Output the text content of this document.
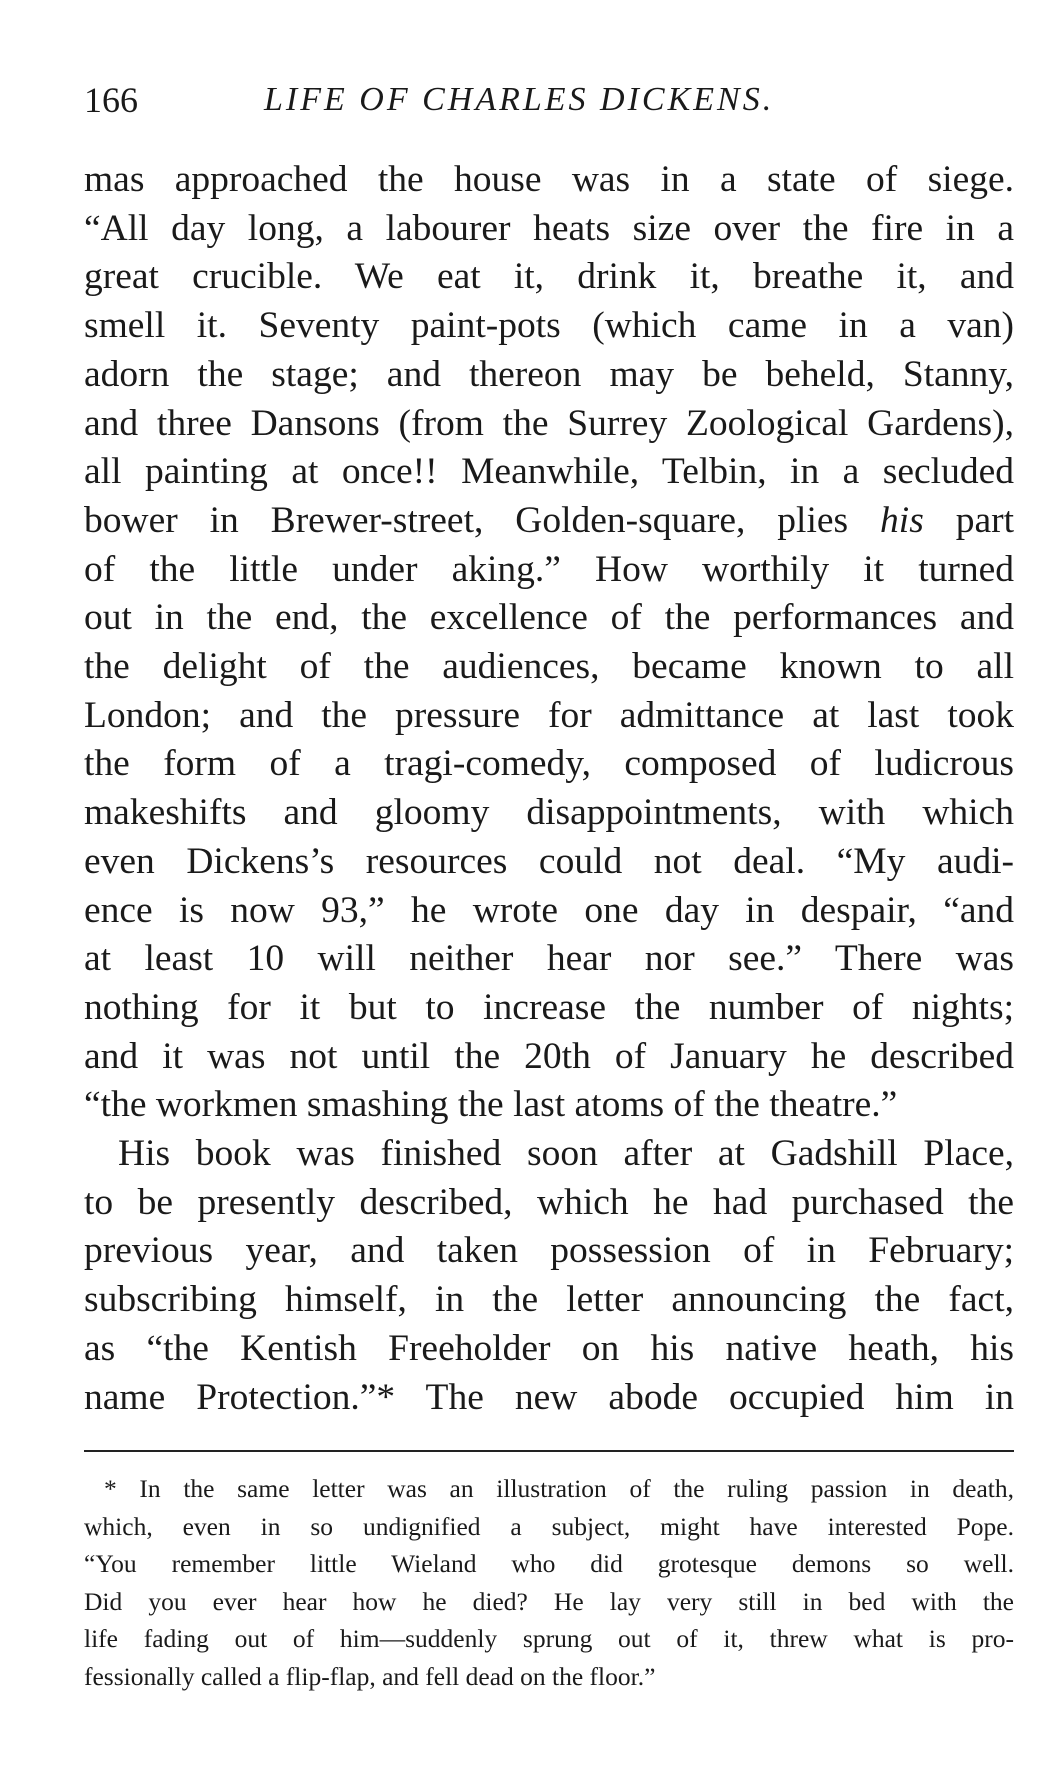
166	LIFE OF CHARLES DICKENS.

mas approached the house was in a state of siege.
“All day long, a labourer heats size over the fire in a
great crucible. We eat it, drink it, breathe it, and
smell it. Seventy paint-pots (which came in a van)
adorn the stage; and thereon may be beheld, Stanny,
and three Dansons (from the Surrey Zoological Gardens),
all painting at once!! Meanwhile, Telbin, in a secluded
bower in Brewer-street, Golden-square, plies his part
of the little under aking.” How worthily it turned
out in the end, the excellence of the performances and
the delight of the audiences, became known to all
London; and the pressure for admittance at last took
the form of a tragi-comedy, composed of ludicrous
makeshifts and gloomy disappointments, with which
even Dickens’s resources could not deal. “My audi-
ence is now 93,” he wrote one day in despair, “and
at least 10 will neither hear nor see.” There was
nothing for it but to increase the number of nights;
and it was not until the 20th of January he described
“the workmen smashing the last atoms of the theatre.”

His book was finished soon after at Gadshill Place,
to be presently described, which he had purchased the
previous year, and taken possession of in February;
subscribing himself, in the letter announcing the fact,
as “the Kentish Freeholder on his native heath, his
name Protection.”* The new abode occupied him in

* In the same letter was an illustration of the ruling passion in death,
which, even in so undignified a subject, might have interested Pope.
“You remember little Wieland who did grotesque demons so well.
Did you ever hear how he died? He lay very still in bed with the
life fading out of him—suddenly sprung out of it, threw what is pro-
fessionally called a flip-flap, and fell dead on the floor.”
